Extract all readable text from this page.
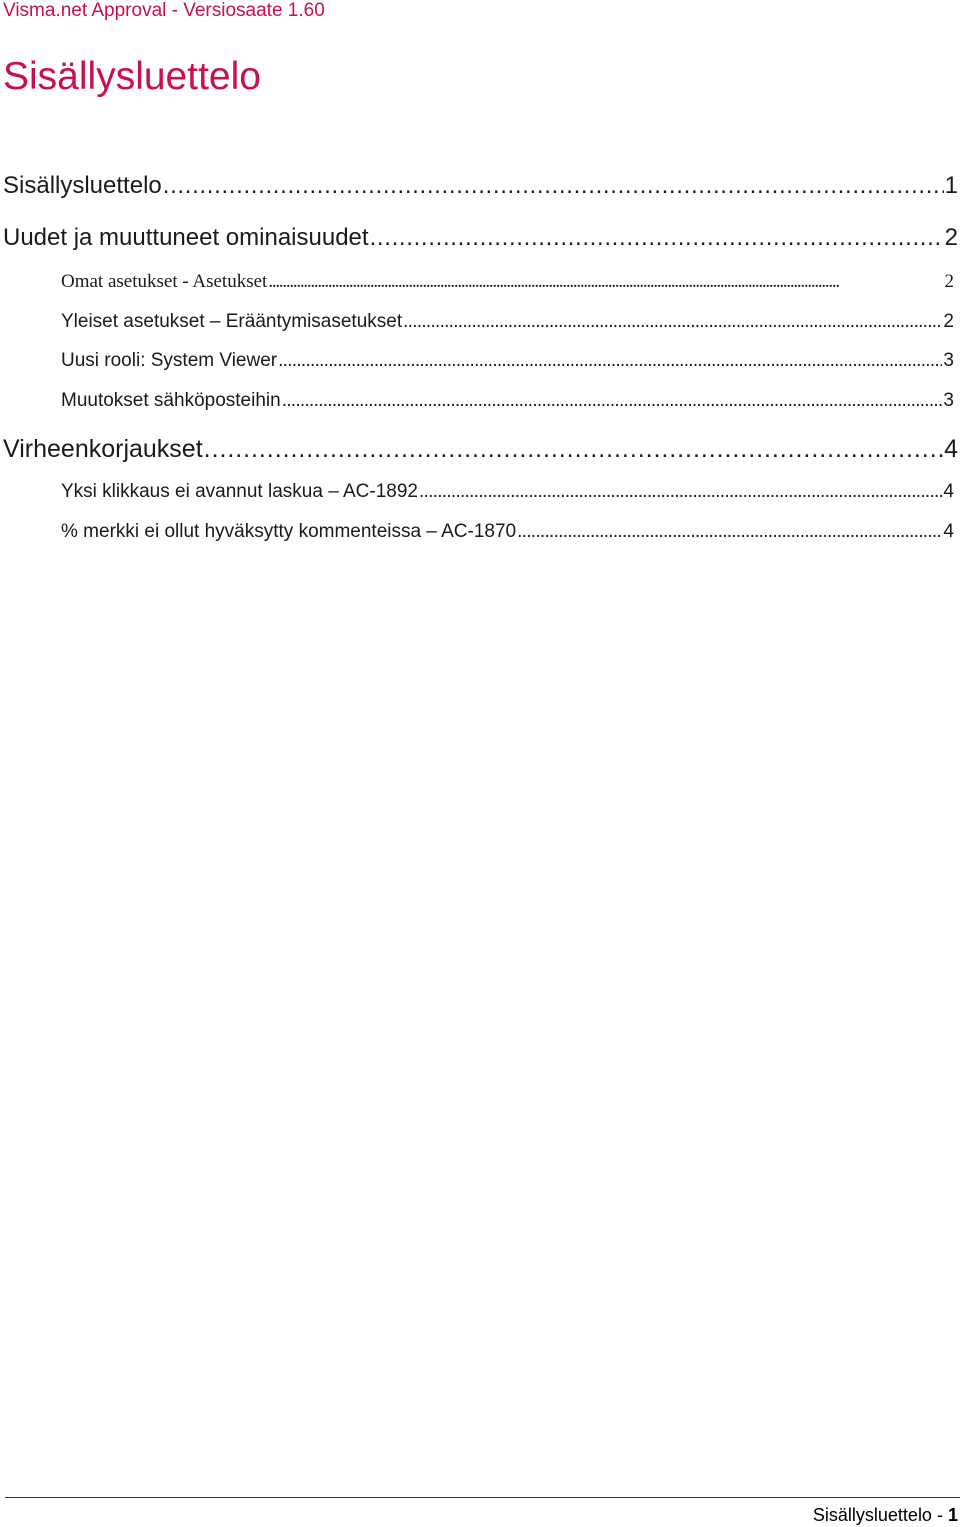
Visma.net Approval - Versiosaate 1.60
Sisällysluettelo
Sisällysluettelo . . .	1
Uudet ja muuttuneet ominaisuudet . . .	2
Omat asetukset - Asetukset . . .	2
Yleiset asetukset – Erääntymisasetukset . . .	2
Uusi rooli: System Viewer . . .	3
Muutokset sähköposteihin . . .	3
Virheenkorjaukset . . .	4
Yksi klikkaus ei avannut laskua – AC-1892 . . .	4
% merkki ei ollut hyväksytty kommenteissa – AC-1870 . . .	4
Sisällysluettelo - 1
